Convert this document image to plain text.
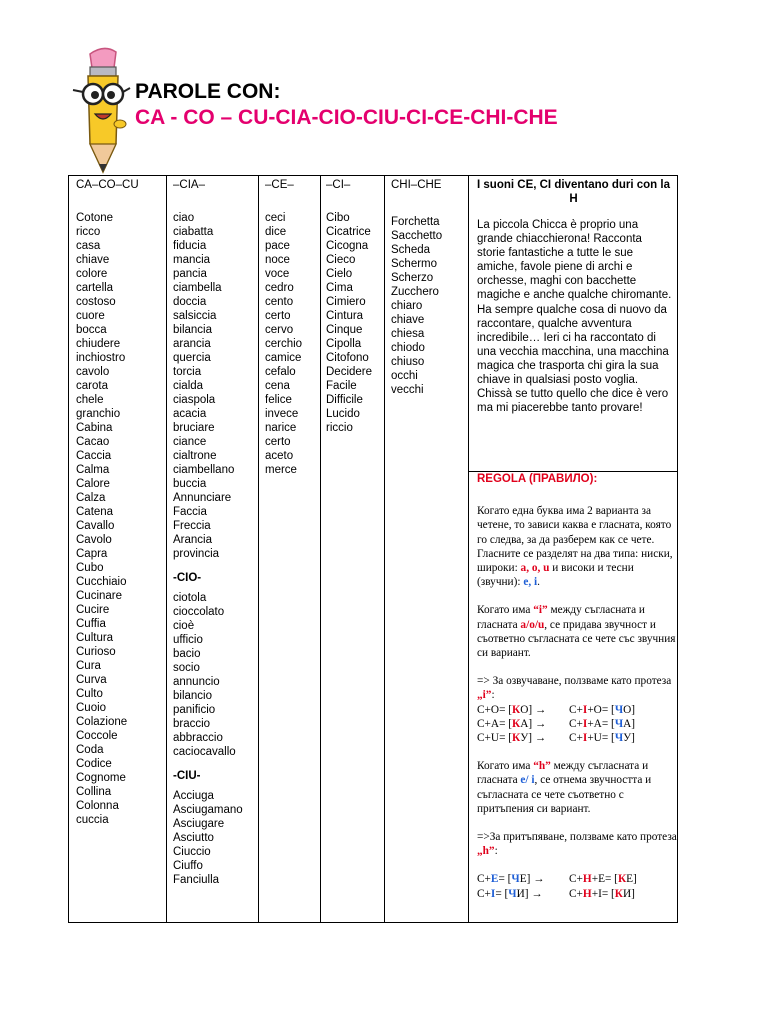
PAROLE CON:
CA - CO – CU-CIA-CIO-CIU-CI-CE-CHI-CHE
CA–CO–CU
Cotone
ricco
casa
chiave
colore
cartella
costoso
cuore
bocca
chiudere
inchiostro
cavolo
carota
chele
granchio
Cabina
Cacao
Caccia
Calma
Calore
Calza
Catena
Cavallo
Cavolo
Capra
Cubo
Cucchiaio
Cucinare
Cucire
Cuffia
Cultura
Curioso
Cura
Curva
Culto
Cuoio
Colazione
Coccole
Coda
Codice
Cognome
Collina
Colonna
cuccia
–CIA–
ciao
ciabatta
fiducia
mancia
pancia
ciambella
doccia
salsiccia
bilancia
arancia
quercia
torcia
cialda
ciaspola
acacia
bruciare
ciance
cialtrone
ciambellano
buccia
Annunciare
Faccia
Freccia
Arancia
provincia
-CIO-
ciotola
cioccolato
cioè
ufficio
bacio
socio
annuncio
bilancio
panificio
braccio
abbraccio
caciocavallo
-CIU-
Acciuga
Asciugamano
Asciugare
Asciutto
Ciuccio
Ciuffo
Fanciulla
–CE–
ceci
dice
pace
noce
voce
cedro
cento
certo
cervo
cerchio
camice
cefalo
cena
felice
invece
narice
certo
aceto
merce
–CI–
Cibo
Cicatrice
Cicogna
Cieco
Cielo
Cima
Cimiero
Cintura
Cinque
Cipolla
Citofono
Decidere
Facile
Difficile
Lucido
riccio
CHI–CHE
Forchetta
Sacchetto
Scheda
Schermo
Scherzo
Zucchero
chiaro
chiave
chiesa
chiodo
chiuso
occhi
vecchi
I suoni CE, CI diventano duri con la H

La piccola Chicca è proprio una grande chiacchierona! Racconta storie fantastiche a tutte le sue amiche, favole piene di archi e orchesse, maghi con bacchette magiche e anche qualche chiromante.

Ha sempre qualche cosa di nuovo da raccontare, qualche avventura incredibile… Ieri ci ha raccontato di una vecchia macchina, una macchina magica che trasporta chi gira la sua chiave in qualsiasi posto voglia. Chissà se tutto quello che dice è vero ma mi piacerebbe tanto provare!

REGOLA (ПРАВИЛО):

Когато една буква има 2 варианта за четене, то зависи каква е гласната, която го следва, за да разберем как се чете. Гласните се разделят на два типа: ниски, широки: a, o, u и високи и тесни (звучни): e, i.

Когато има “i” между съгласната и гласната a/o/u, се придава звучност и съответно съгласната се чете със звучния си вариант.

=> За озвучаване, ползваме като протеза „i”:

C+O= [КО] →	C+I+O= [ЧО]
C+A= [КА] →	C+I+A= [ЧА]
C+U= [КУ] →	C+I+U= [ЧУ]

Когато има “h” между съгласната и гласната e/ i, се отнема звучността и съгласната се чете съответно с притъпения си вариант.

=>За притъпяване, ползваме като протеза „h”:

C+E= [ЧЕ] →	C+H+E= [КЕ]
C+I= [ЧИ] →	C+H+I= [КИ]
